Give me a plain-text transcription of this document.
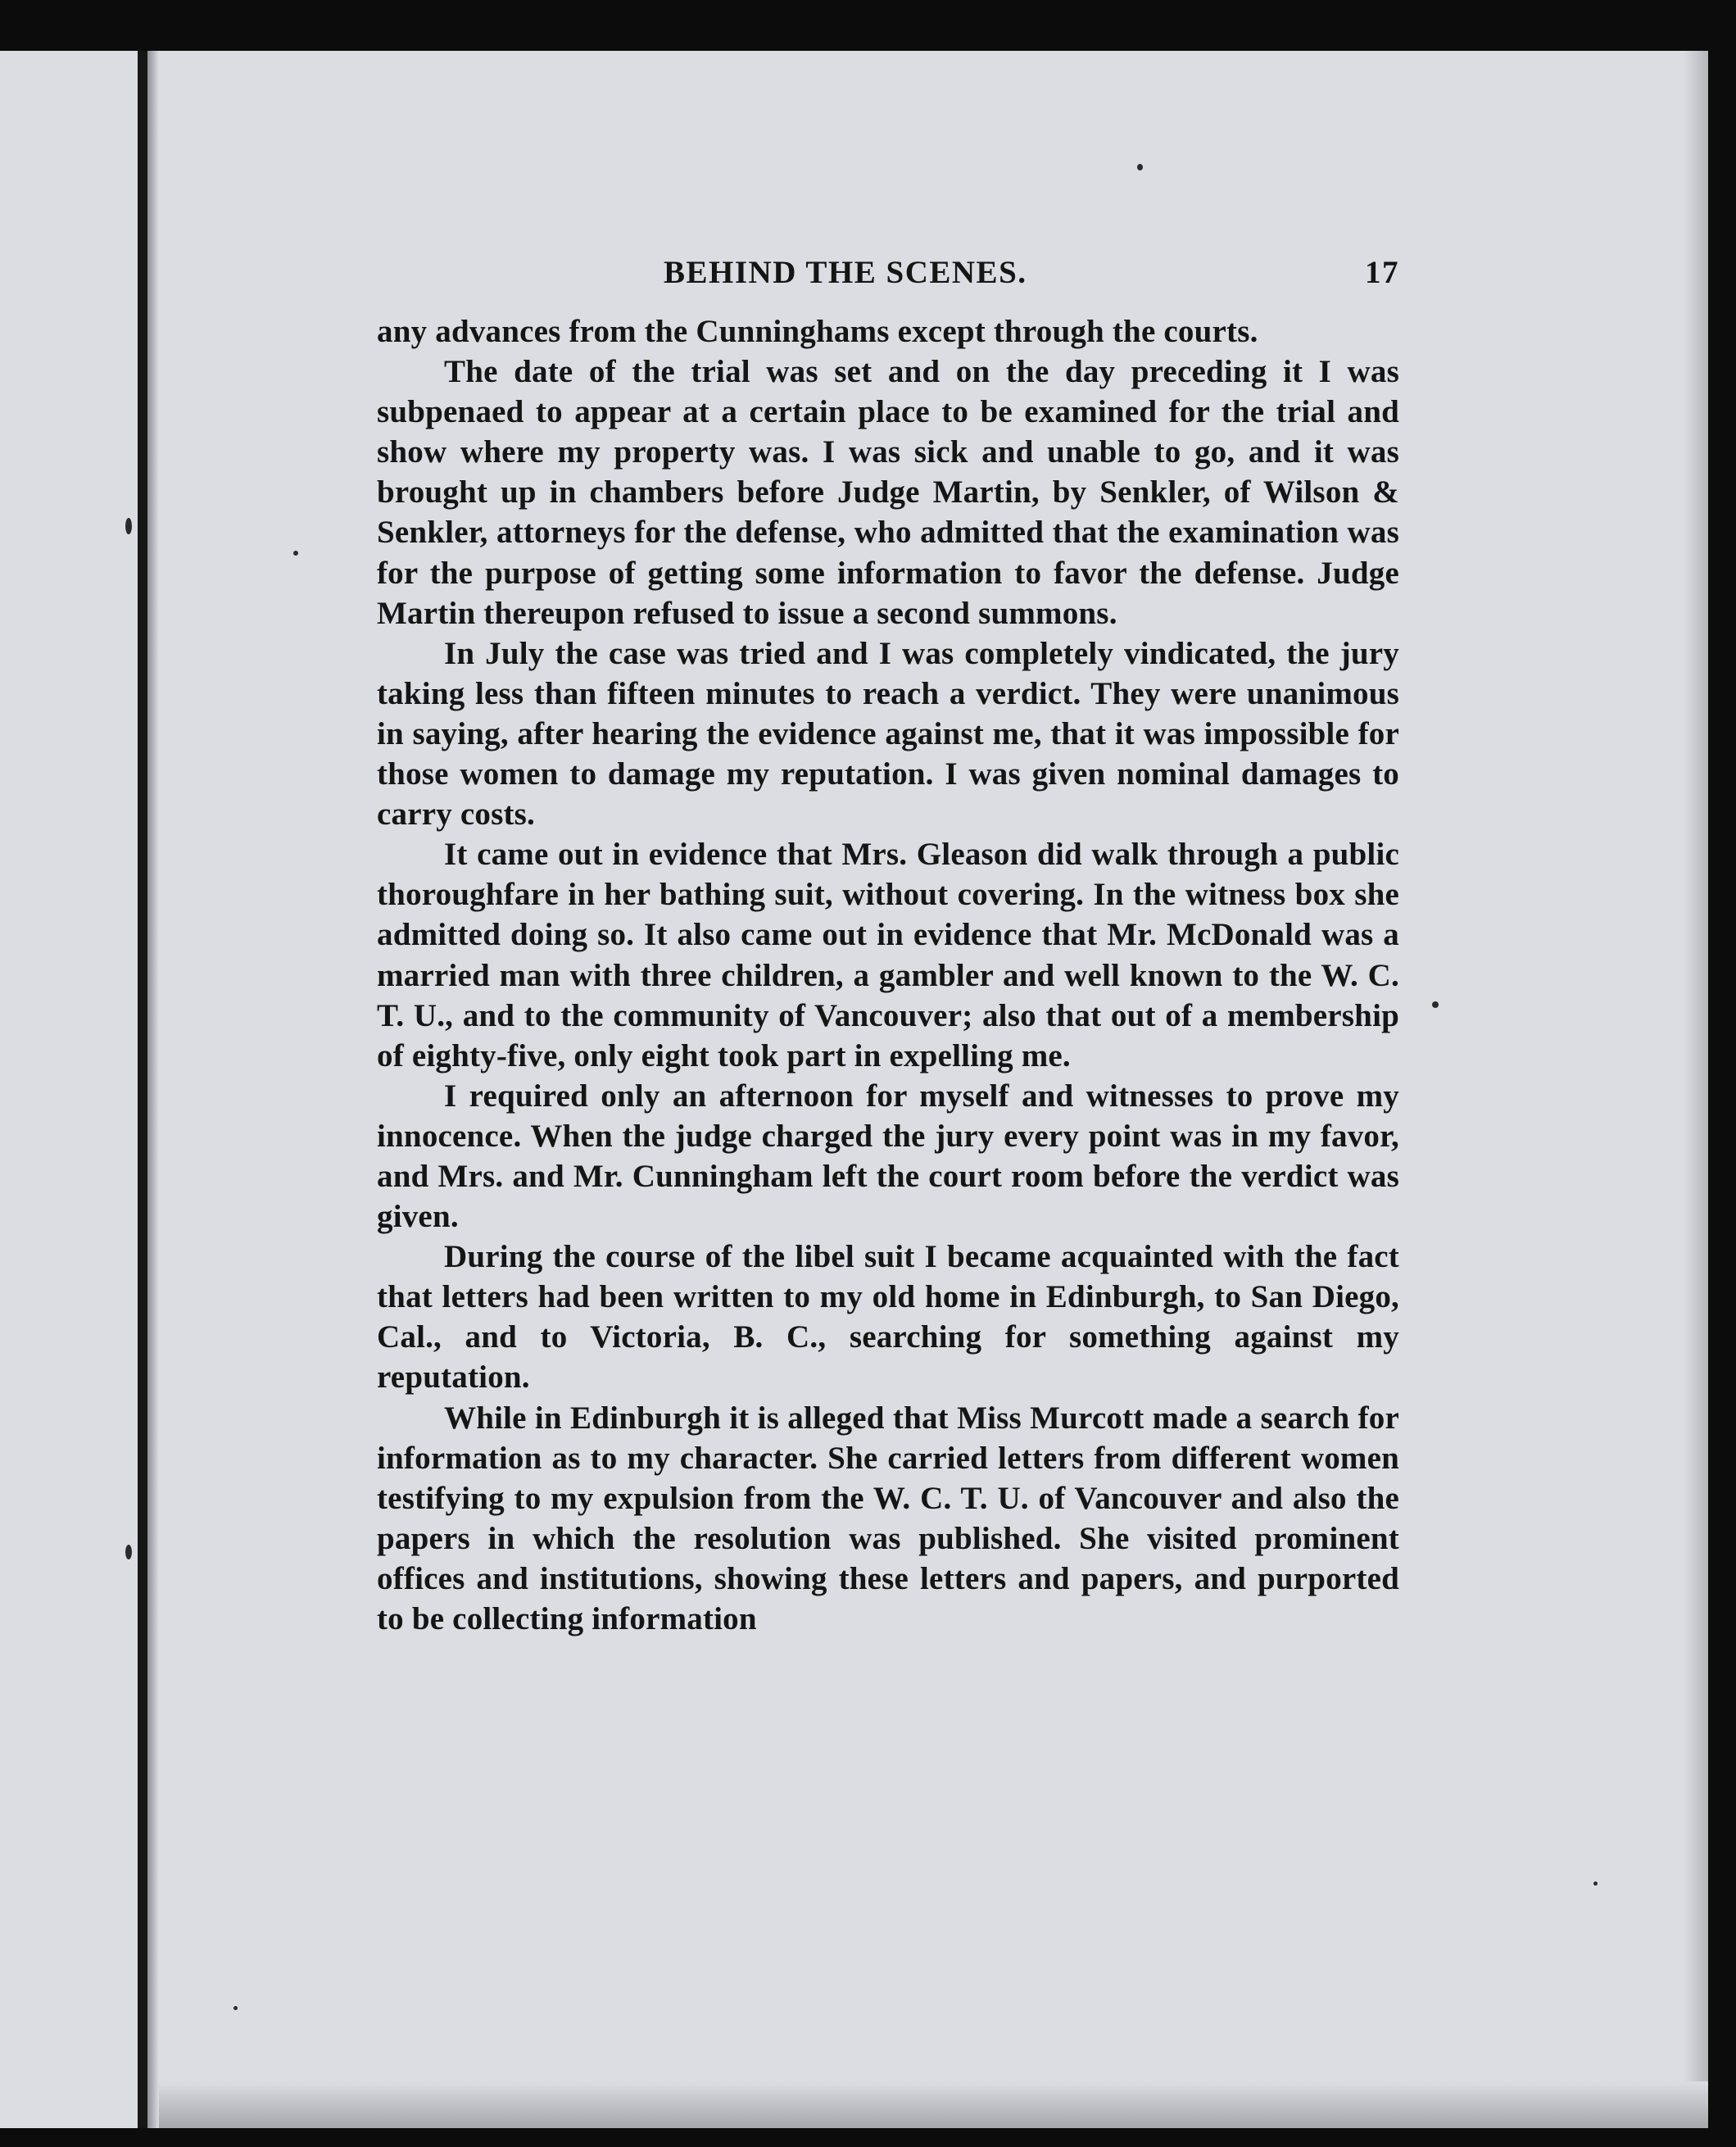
BEHIND THE SCENES.	17

any advances from the Cunninghams except through the courts.

The date of the trial was set and on the day preceding it I was subpenaed to appear at a certain place to be examined for the trial and show where my property was. I was sick and unable to go, and it was brought up in chambers before Judge Martin, by Senkler, of Wilson & Senkler, attorneys for the defense, who admitted that the examination was for the purpose of getting some information to favor the defense. Judge Martin thereupon refused to issue a second summons.

In July the case was tried and I was completely vindicated, the jury taking less than fifteen minutes to reach a verdict. They were unanimous in saying, after hearing the evidence against me, that it was impossible for those women to damage my reputation. I was given nominal damages to carry costs.

It came out in evidence that Mrs. Gleason did walk through a public thoroughfare in her bathing suit, without covering. In the witness box she admitted doing so. It also came out in evidence that Mr. McDonald was a married man with three children, a gambler and well known to the W. C. T. U., and to the community of Vancouver; also that out of a membership of eighty-five, only eight took part in expelling me.

I required only an afternoon for myself and witnesses to prove my innocence. When the judge charged the jury every point was in my favor, and Mrs. and Mr. Cunningham left the court room before the verdict was given.

During the course of the libel suit I became acquainted with the fact that letters had been written to my old home in Edinburgh, to San Diego, Cal., and to Victoria, B. C., searching for something against my reputation.

While in Edinburgh it is alleged that Miss Murcott made a search for information as to my character. She carried letters from different women testifying to my expulsion from the W. C. T. U. of Vancouver and also the papers in which the resolution was published. She visited prominent offices and institutions, showing these letters and papers, and purported to be collecting information
